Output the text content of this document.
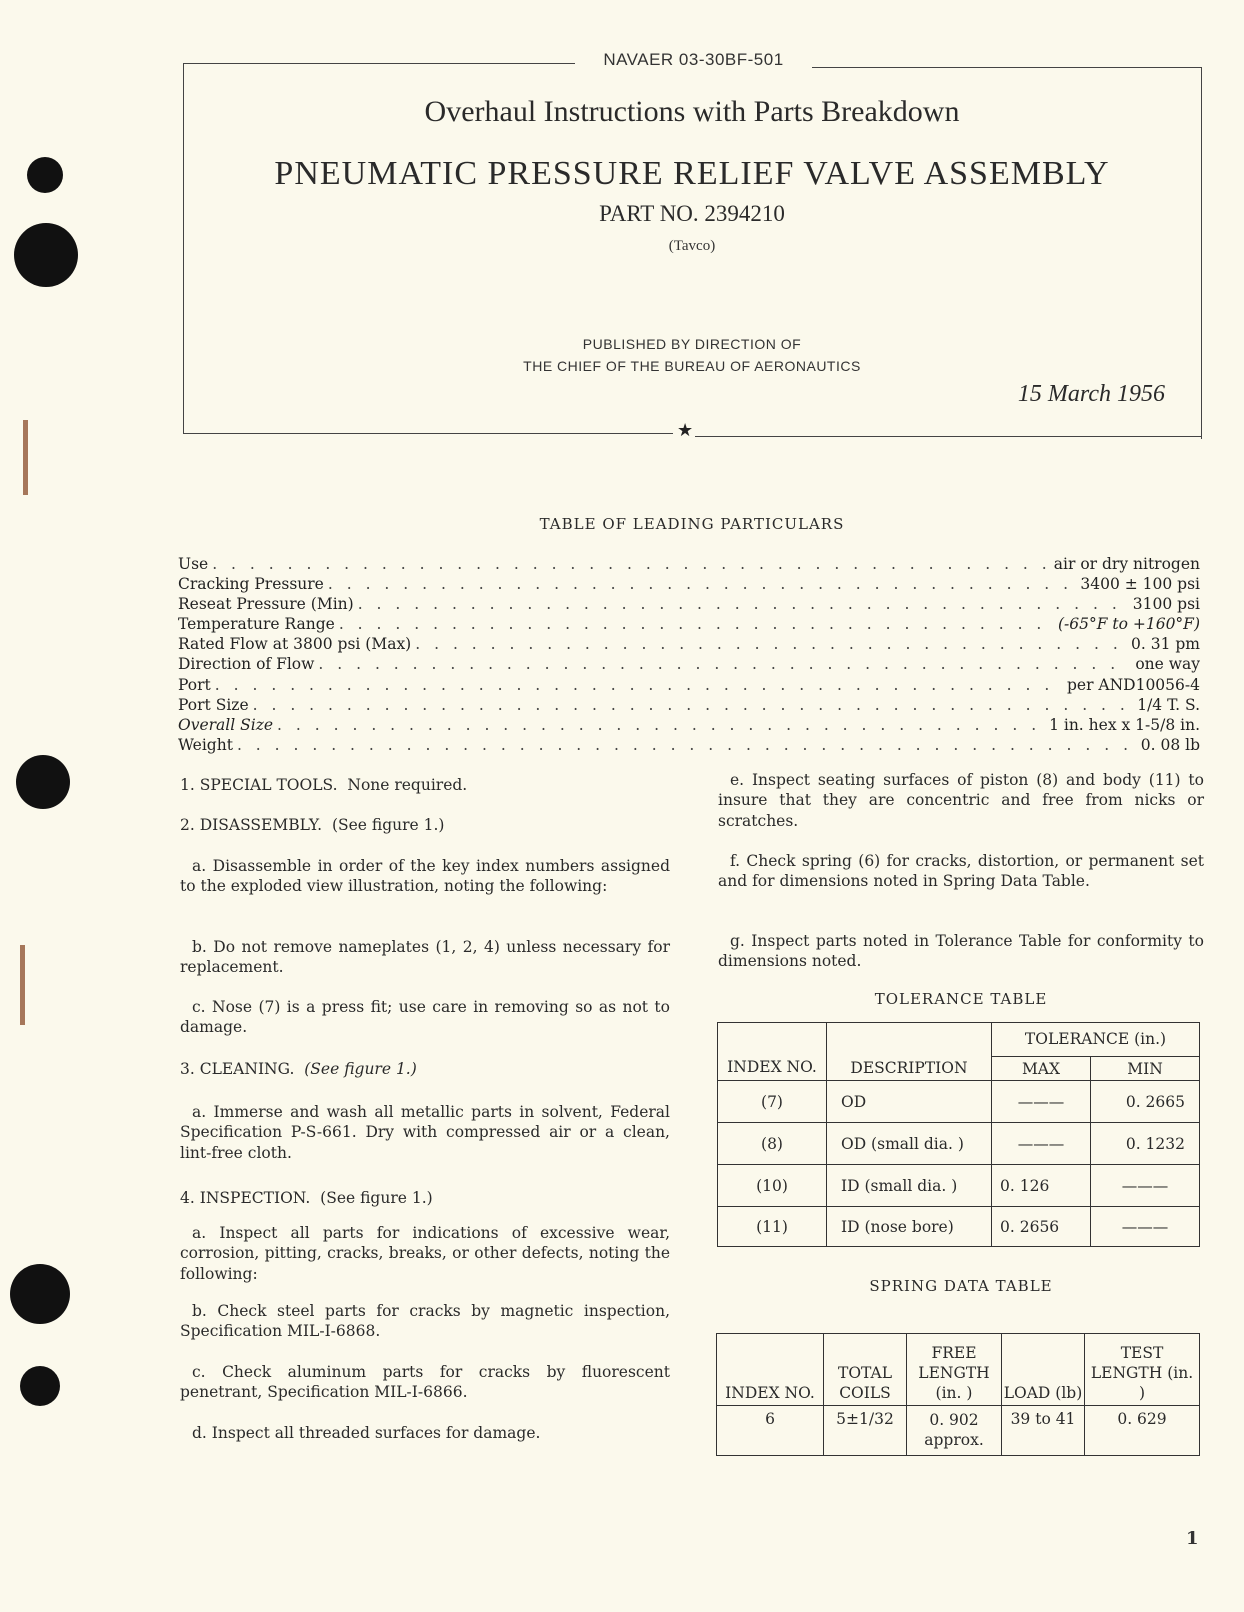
★
NAVAER 03-30BF-501
Overhaul Instructions with Parts Breakdown
PNEUMATIC PRESSURE RELIEF VALVE ASSEMBLY
PART NO. 2394210
(Tavco)
PUBLISHED BY DIRECTION OF
THE CHIEF OF THE BUREAU OF AERONAUTICS
15 March 1956
TABLE OF LEADING PARTICULARS
Use . . .	air or dry nitrogen
Cracking Pressure . . .	3400 ± 100 psi
Reseat Pressure (Min) . . .	3100 psi
Temperature Range . . .	(-65°F to +160°F)
Rated Flow at 3800 psi (Max) . . .	0. 31 pm
Direction of Flow . . .	one way
Port . . .	per AND10056-4
Port Size . . .	1/4 T. S.
Overall Size . . .	1 in. hex x 1-5/8 in.
Weight . . .	0. 08 lb
1. SPECIAL TOOLS. None required.
2. DISASSEMBLY. (See figure 1.)
a. Disassemble in order of the key index numbers assigned to the exploded view illustration, noting the following:
b. Do not remove nameplates (1, 2, 4) unless necessary for replacement.
c. Nose (7) is a press fit; use care in removing so as not to damage.
3. CLEANING. (See figure 1.)
a. Immerse and wash all metallic parts in solvent, Federal Specification P-S-661. Dry with compressed air or a clean, lint-free cloth.
4. INSPECTION. (See figure 1.)
a. Inspect all parts for indications of excessive wear, corrosion, pitting, cracks, breaks, or other defects, noting the following:
b. Check steel parts for cracks by magnetic inspection, Specification MIL-I-6868.
c. Check aluminum parts for cracks by fluorescent penetrant, Specification MIL-I-6866.
d. Inspect all threaded surfaces for damage.
e. Inspect seating surfaces of piston (8) and body (11) to insure that they are concentric and free from nicks or scratches.
f. Check spring (6) for cracks, distortion, or permanent set and for dimensions noted in Spring Data Table.
g. Inspect parts noted in Tolerance Table for conformity to dimensions noted.
TOLERANCE TABLE
INDEX NO.	DESCRIPTION	TOLERANCE (in.)	
		MAX	MIN
(7)	OD	———	0. 2665
(8)	OD (small dia. )	———	0. 1232
(10)	ID (small dia. )	0. 126	———
(11)	ID (nose bore)	0. 2656	———
SPRING DATA TABLE
INDEX NO.	TOTAL COILS	FREE LENGTH (in. )	LOAD (lb)	TEST LENGTH (in. )
6	5±1/32	0. 902 approx.	39 to 41	0. 629
1
